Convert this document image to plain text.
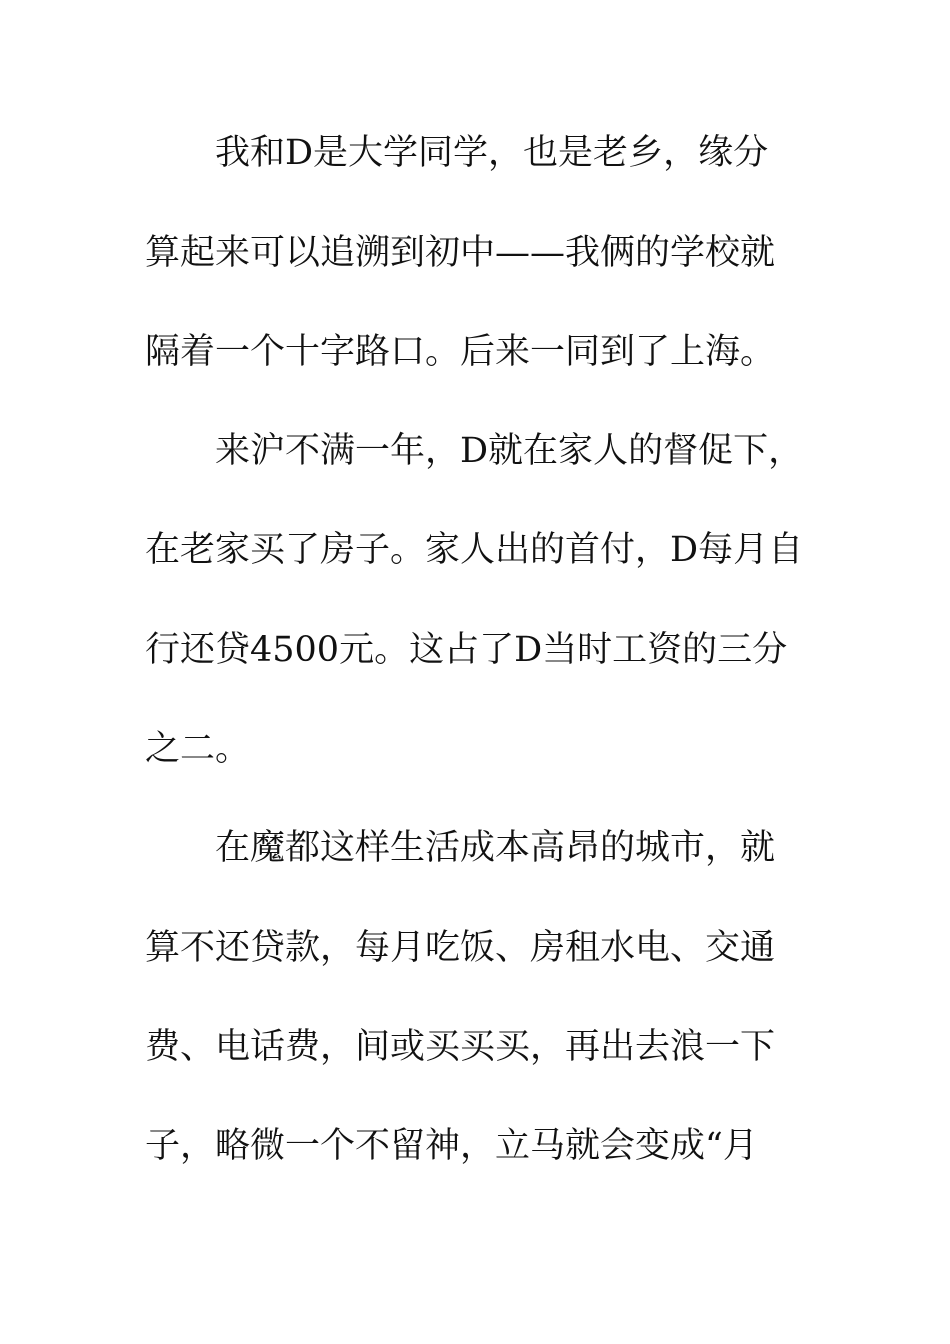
我和D是大学同学，也是老乡，缘分
算起来可以追溯到初中——我俩的学校就
隔着一个十字路口。后来一同到了上海。
来沪不满一年，D就在家人的督促下，
在老家买了房子。家人出的首付，D每月自
行还贷4500元。这占了D当时工资的三分
之二。
在魔都这样生活成本高昂的城市，就
算不还贷款，每月吃饭、房租水电、交通
费、电话费，间或买买买，再出去浪一下
子，略微一个不留神，立马就会变成“月
